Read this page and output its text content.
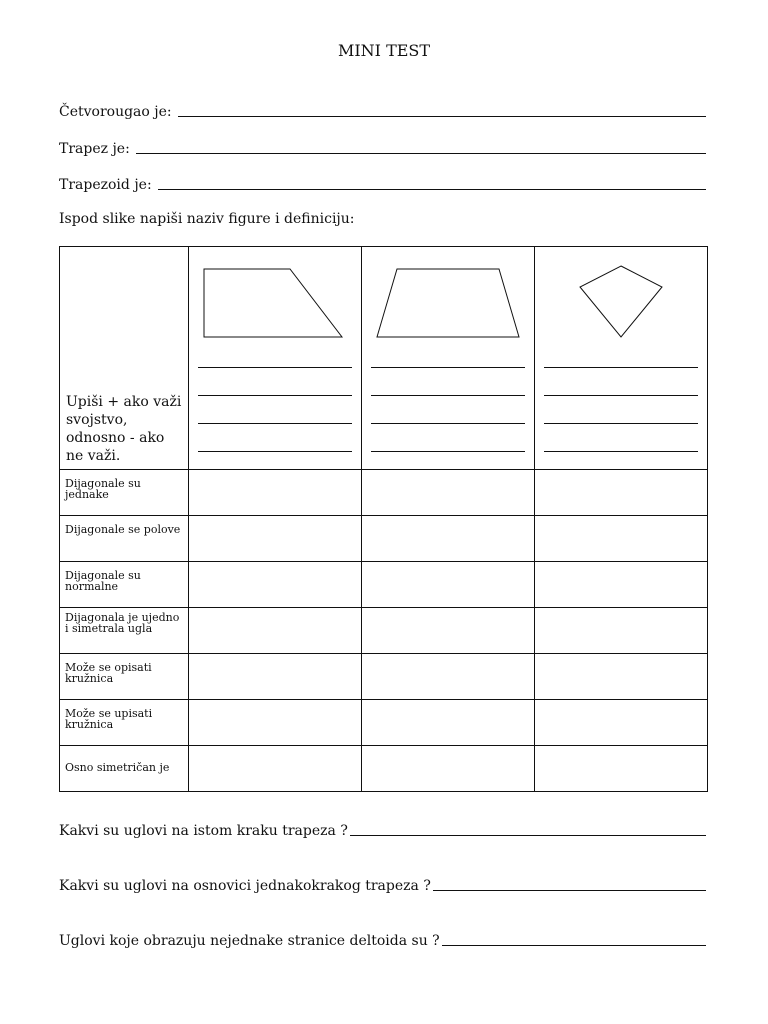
MINI TEST
Četvorougao je:
Trapez je:
Trapezoid je:
Ispod slike napiši naziv figure i definiciju:
Upiši + ako važi svojstvo, odnosno - ako ne važi.

Dijagonale su jednake			

Dijagonale se polove			

Dijagonale su normalne			

Dijagonala je ujedno i simetrala ugla			

Može se opisati kružnica			

Može se upisati kružnica			

Osno simetričan je			

Kakvi su uglovi na istom kraku trapeza ?
Kakvi su uglovi na osnovici jednakokrakog trapeza ?
Uglovi koje obrazuju nejednake stranice deltoida su ?
